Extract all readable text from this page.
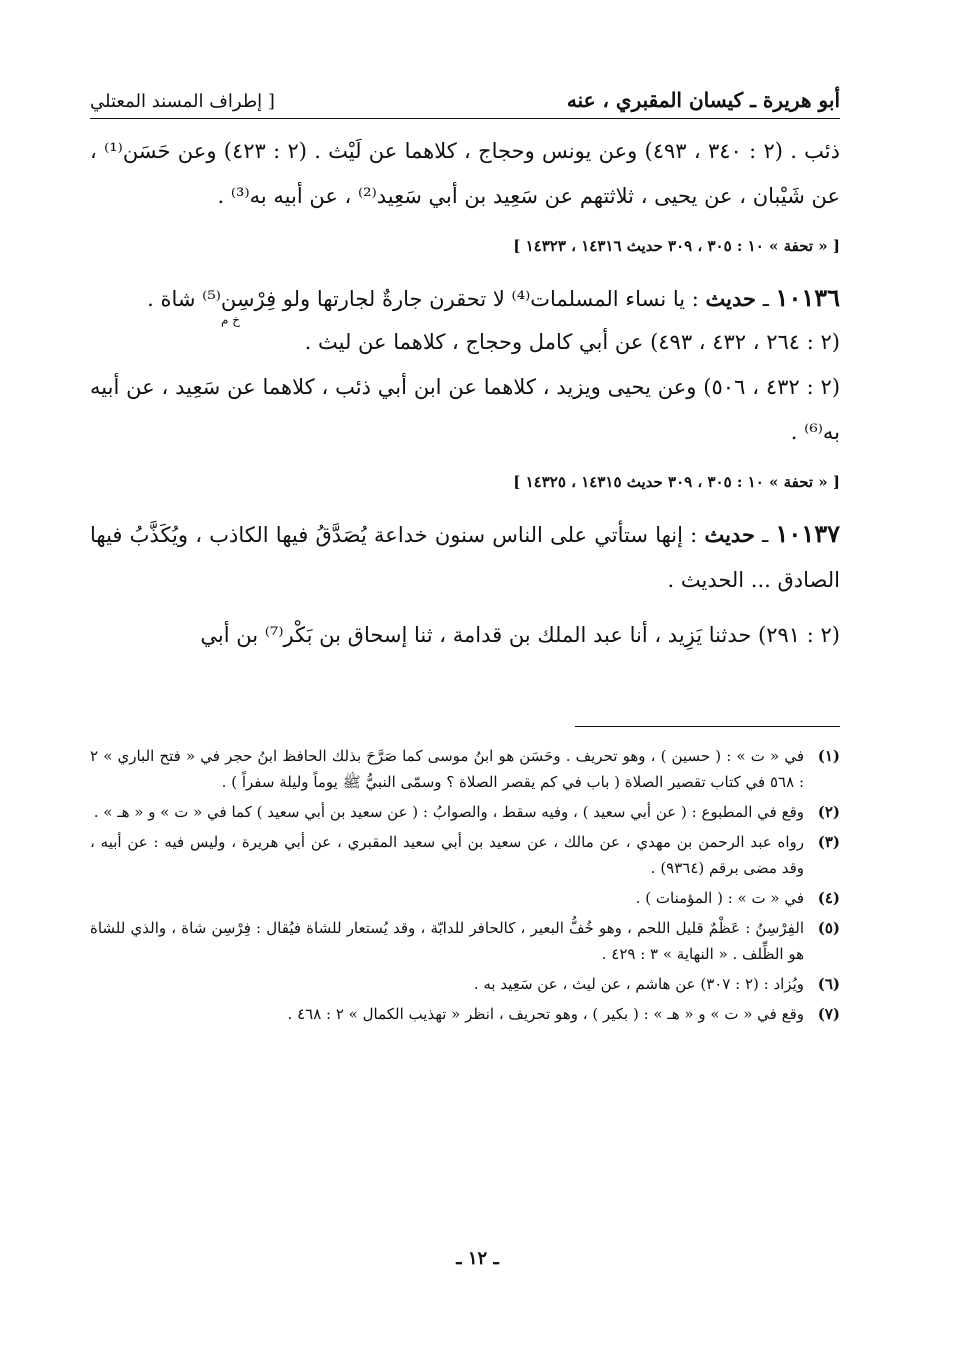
أبو هريرة ـ كيسان المقبري ، عنه
[ إطراف المسند المعتلي

ذئب . (٢ : ٣٤٠ ، ٤٩٣) وعن يونس وحجاج ، كلاهما عن لَيْث . (٢ : ٤٢٣) وعن حَسَن⁽¹⁾ ، عن شَيْبان ، عن يحيى ، ثلاثتهم عن سَعِيد بن أبي سَعِيد⁽²⁾ ، عن أبيه به⁽³⁾ .

[ « تحفة » ١٠ : ٣٠٥ ، ٣٠٩ حديث ١٤٣١٦ ، ١٤٣٢٣ ]

١٠١٣٦ ـ حديث : يا نساء المسلمات⁽⁴⁾ لا تحقرن جارةٌ لجارتها ولو فِرْسِن⁽⁵⁾ شاة .

خ م

(٢ : ٢٦٤ ، ٤٣٢ ، ٤٩٣) عن أبي كامل وحجاج ، كلاهما عن ليث .

(٢ : ٤٣٢ ، ٥٠٦) وعن يحيى ويزيد ، كلاهما عن ابن أبي ذئب ، كلاهما عن سَعِيد ، عن أبيه به⁽⁶⁾ .

[ « تحفة » ١٠ : ٣٠٥ ، ٣٠٩ حديث ١٤٣١٥ ، ١٤٣٢٥ ]

١٠١٣٧ ـ حديث : إنها ستأتي على الناس سنون خداعة يُصَدَّقُ فيها الكاذب ، ويُكَذَّبُ فيها الصادق ... الحديث .

(٢ : ٢٩١) حدثنا يَزِيد ، أنا عبد الملك بن قدامة ، ثنا إسحاق بن بَكْر⁽⁷⁾ بن أبي

(١)
في « ت » : ( حسين ) ، وهو تحريف . وحَسَن هو ابنُ موسى كما صَرَّحَ بذلك الحافظ ابنُ حجر في « فتح الباري » ٢ : ٥٦٨ في كتاب تقصير الصلاة ( باب في كم يقصر الصلاة ؟ وسمّى النبيُّ ﷺ يوماً وليلة سفراً ) .
(٢)
وقع في المطبوع : ( عن أبي سعيد ) ، وفيه سقط ، والصوابُ : ( عن سعيد بن أبي سعيد ) كما في « ت » و « هـ » .
(٣)
رواه عبد الرحمن بن مهدي ، عن مالك ، عن سعيد بن أبي سعيد المقبري ، عن أبي هريرة ، وليس فيه : عن أبيه ، وقد مضى برقم (٩٣٦٤) .
(٤)
في « ت » : ( المؤمنات ) .
(٥)
الفِرْسِنُ : عَظْمٌ قليل اللحم ، وهو خُفُّ البعير ، كالحافر للدابّة ، وقد يُستعار للشاة فيُقال : فِرْسِن شاة ، والذي للشاة هو الظِّلف . « النهاية » ٣ : ٤٢٩ .
(٦)
ويُزاد : (٢ : ٣٠٧) عن هاشم ، عن ليث ، عن سَعِيد به .
(٧)
وقع في « ت » و « هـ » : ( بكير ) ، وهو تحريف ، انظر « تهذيب الكمال » ٢ : ٤٦٨ .
ـ ١٢ ـ
